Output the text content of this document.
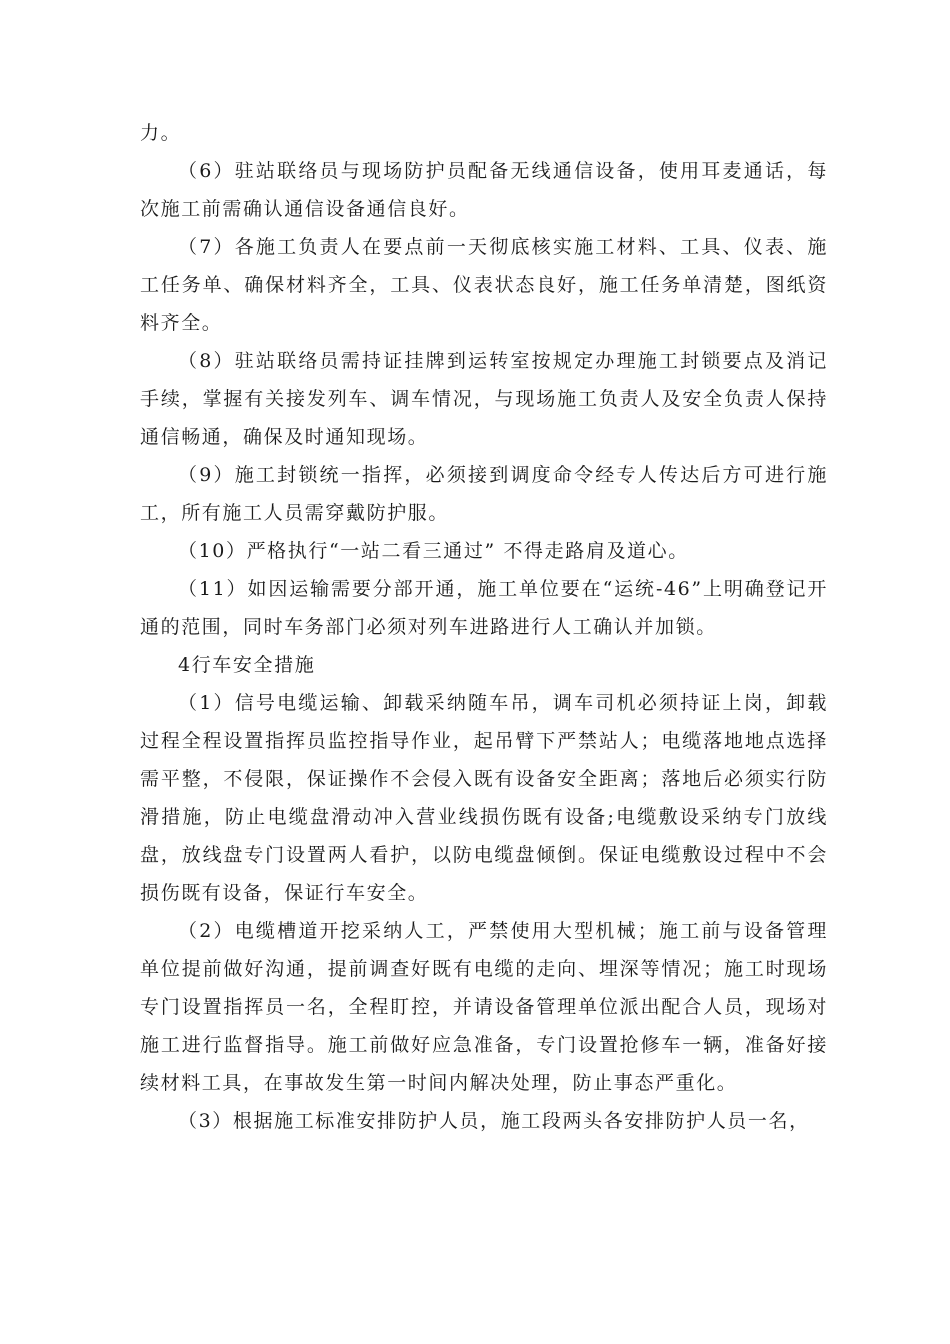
力。

（6）驻站联络员与现场防护员配备无线通信设备，使用耳麦通话，每次施工前需确认通信设备通信良好。

（7）各施工负责人在要点前一天彻底核实施工材料、工具、仪表、施工任务单、确保材料齐全，工具、仪表状态良好，施工任务单清楚，图纸资料齐全。

（8）驻站联络员需持证挂牌到运转室按规定办理施工封锁要点及消记手续，掌握有关接发列车、调车情况，与现场施工负责人及安全负责人保持通信畅通，确保及时通知现场。

（9）施工封锁统一指挥，必须接到调度命令经专人传达后方可进行施工，所有施工人员需穿戴防护服。

（10）严格执行“一站二看三通过” 不得走路肩及道心。

（11）如因运输需要分部开通，施工单位要在“运统-46”上明确登记开通的范围，同时车务部门必须对列车进路进行人工确认并加锁。

4行车安全措施

（1）信号电缆运输、卸载采纳随车吊，调车司机必须持证上岗，卸载过程全程设置指挥员监控指导作业，起吊臂下严禁站人；电缆落地地点选择需平整，不侵限，保证操作不会侵入既有设备安全距离；落地后必须实行防滑措施，防止电缆盘滑动冲入营业线损伤既有设备;电缆敷设采纳专门放线盘，放线盘专门设置两人看护，以防电缆盘倾倒。保证电缆敷设过程中不会损伤既有设备，保证行车安全。

（2）电缆槽道开挖采纳人工，严禁使用大型机械；施工前与设备管理单位提前做好沟通，提前调查好既有电缆的走向、埋深等情况；施工时现场专门设置指挥员一名，全程盯控，并请设备管理单位派出配合人员，现场对施工进行监督指导。施工前做好应急准备，专门设置抢修车一辆，准备好接续材料工具，在事故发生第一时间内解决处理，防止事态严重化。

（3）根据施工标准安排防护人员，施工段两头各安排防护人员一名，
